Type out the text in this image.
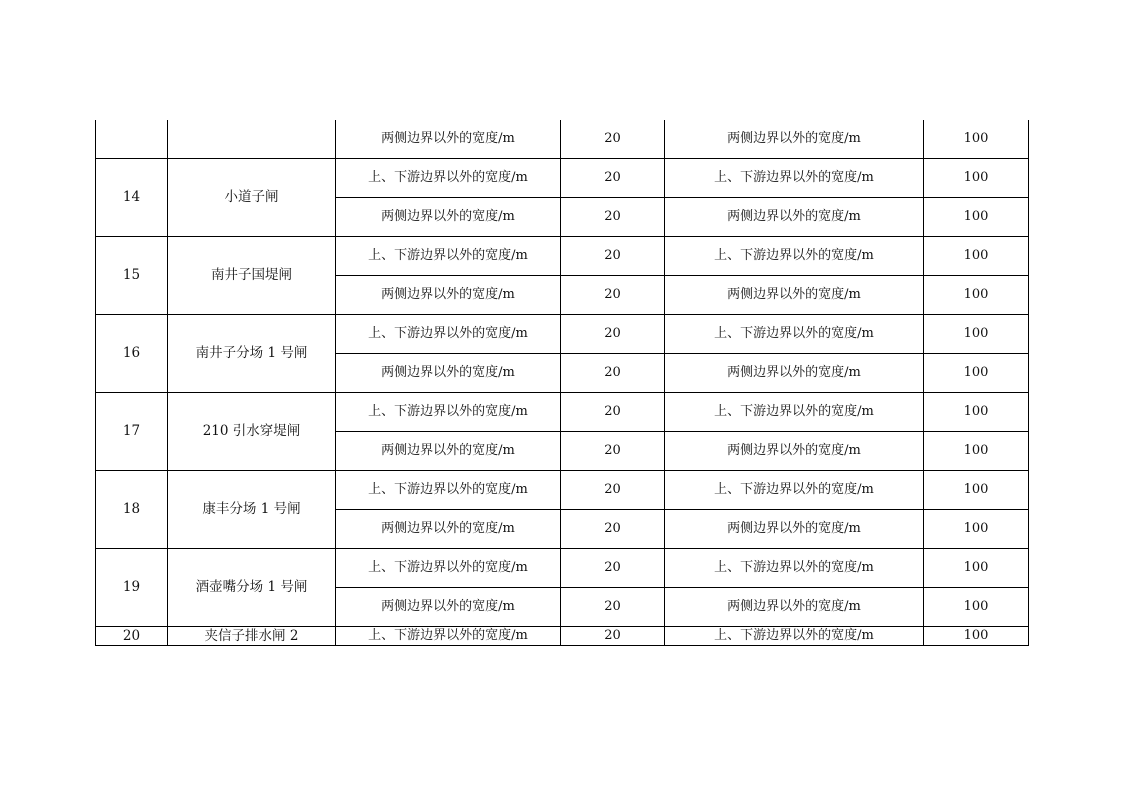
		两侧边界以外的宽度/m	20	两侧边界以外的宽度/m	100
14	小道子闸	上、下游边界以外的宽度/m	20	上、下游边界以外的宽度/m	100
		两侧边界以外的宽度/m	20	两侧边界以外的宽度/m	100
15	南井子国堤闸	上、下游边界以外的宽度/m	20	上、下游边界以外的宽度/m	100
		两侧边界以外的宽度/m	20	两侧边界以外的宽度/m	100
16	南井子分场 1 号闸	上、下游边界以外的宽度/m	20	上、下游边界以外的宽度/m	100
		两侧边界以外的宽度/m	20	两侧边界以外的宽度/m	100
17	210 引水穿堤闸	上、下游边界以外的宽度/m	20	上、下游边界以外的宽度/m	100
		两侧边界以外的宽度/m	20	两侧边界以外的宽度/m	100
18	康丰分场 1 号闸	上、下游边界以外的宽度/m	20	上、下游边界以外的宽度/m	100
		两侧边界以外的宽度/m	20	两侧边界以外的宽度/m	100
19	酒壶嘴分场 1 号闸	上、下游边界以外的宽度/m	20	上、下游边界以外的宽度/m	100
		两侧边界以外的宽度/m	20	两侧边界以外的宽度/m	100
20	夹信子排水闸 2	上、下游边界以外的宽度/m	20	上、下游边界以外的宽度/m	100
